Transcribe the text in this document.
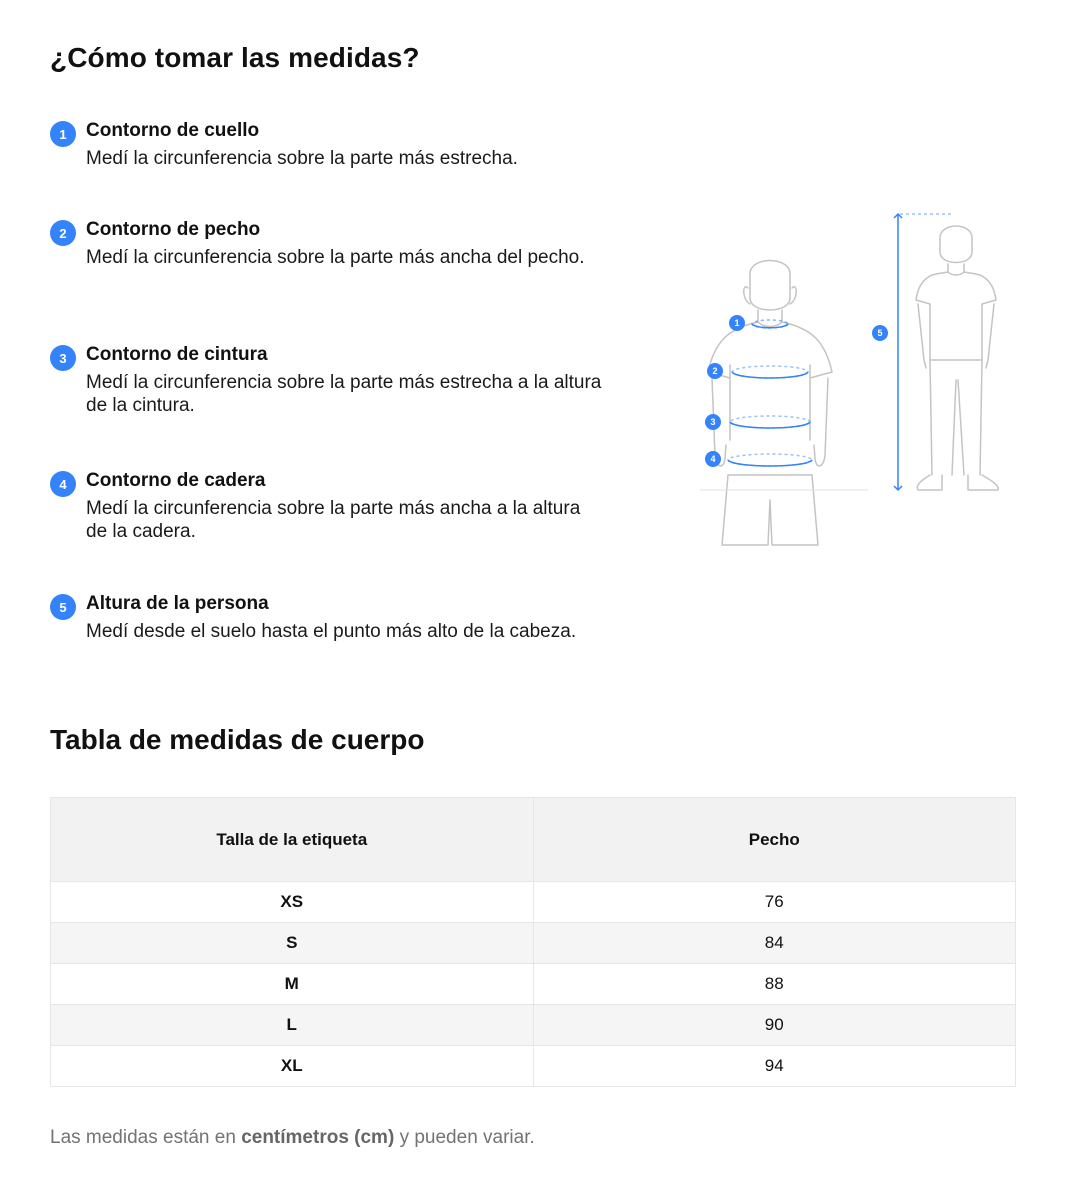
¿Cómo tomar las medidas?
1	Contorno de cuello
Medí la circunferencia sobre la parte más estrecha.
2	Contorno de pecho
Medí la circunferencia sobre la parte más ancha del pecho.
3	Contorno de cintura
Medí la circunferencia sobre la parte más estrecha a la altura de la cintura.
4	Contorno de cadera
Medí la circunferencia sobre la parte más ancha a la altura de la cadera.
5	Altura de la persona
Medí desde el suelo hasta el punto más alto de la cabeza.
1
2
3
4
5
Tabla de medidas de cuerpo
Talla de la etiqueta	Pecho
XS	76
S	84
M	88
L	90
XL	94
Las medidas están en centímetros (cm) y pueden variar.
